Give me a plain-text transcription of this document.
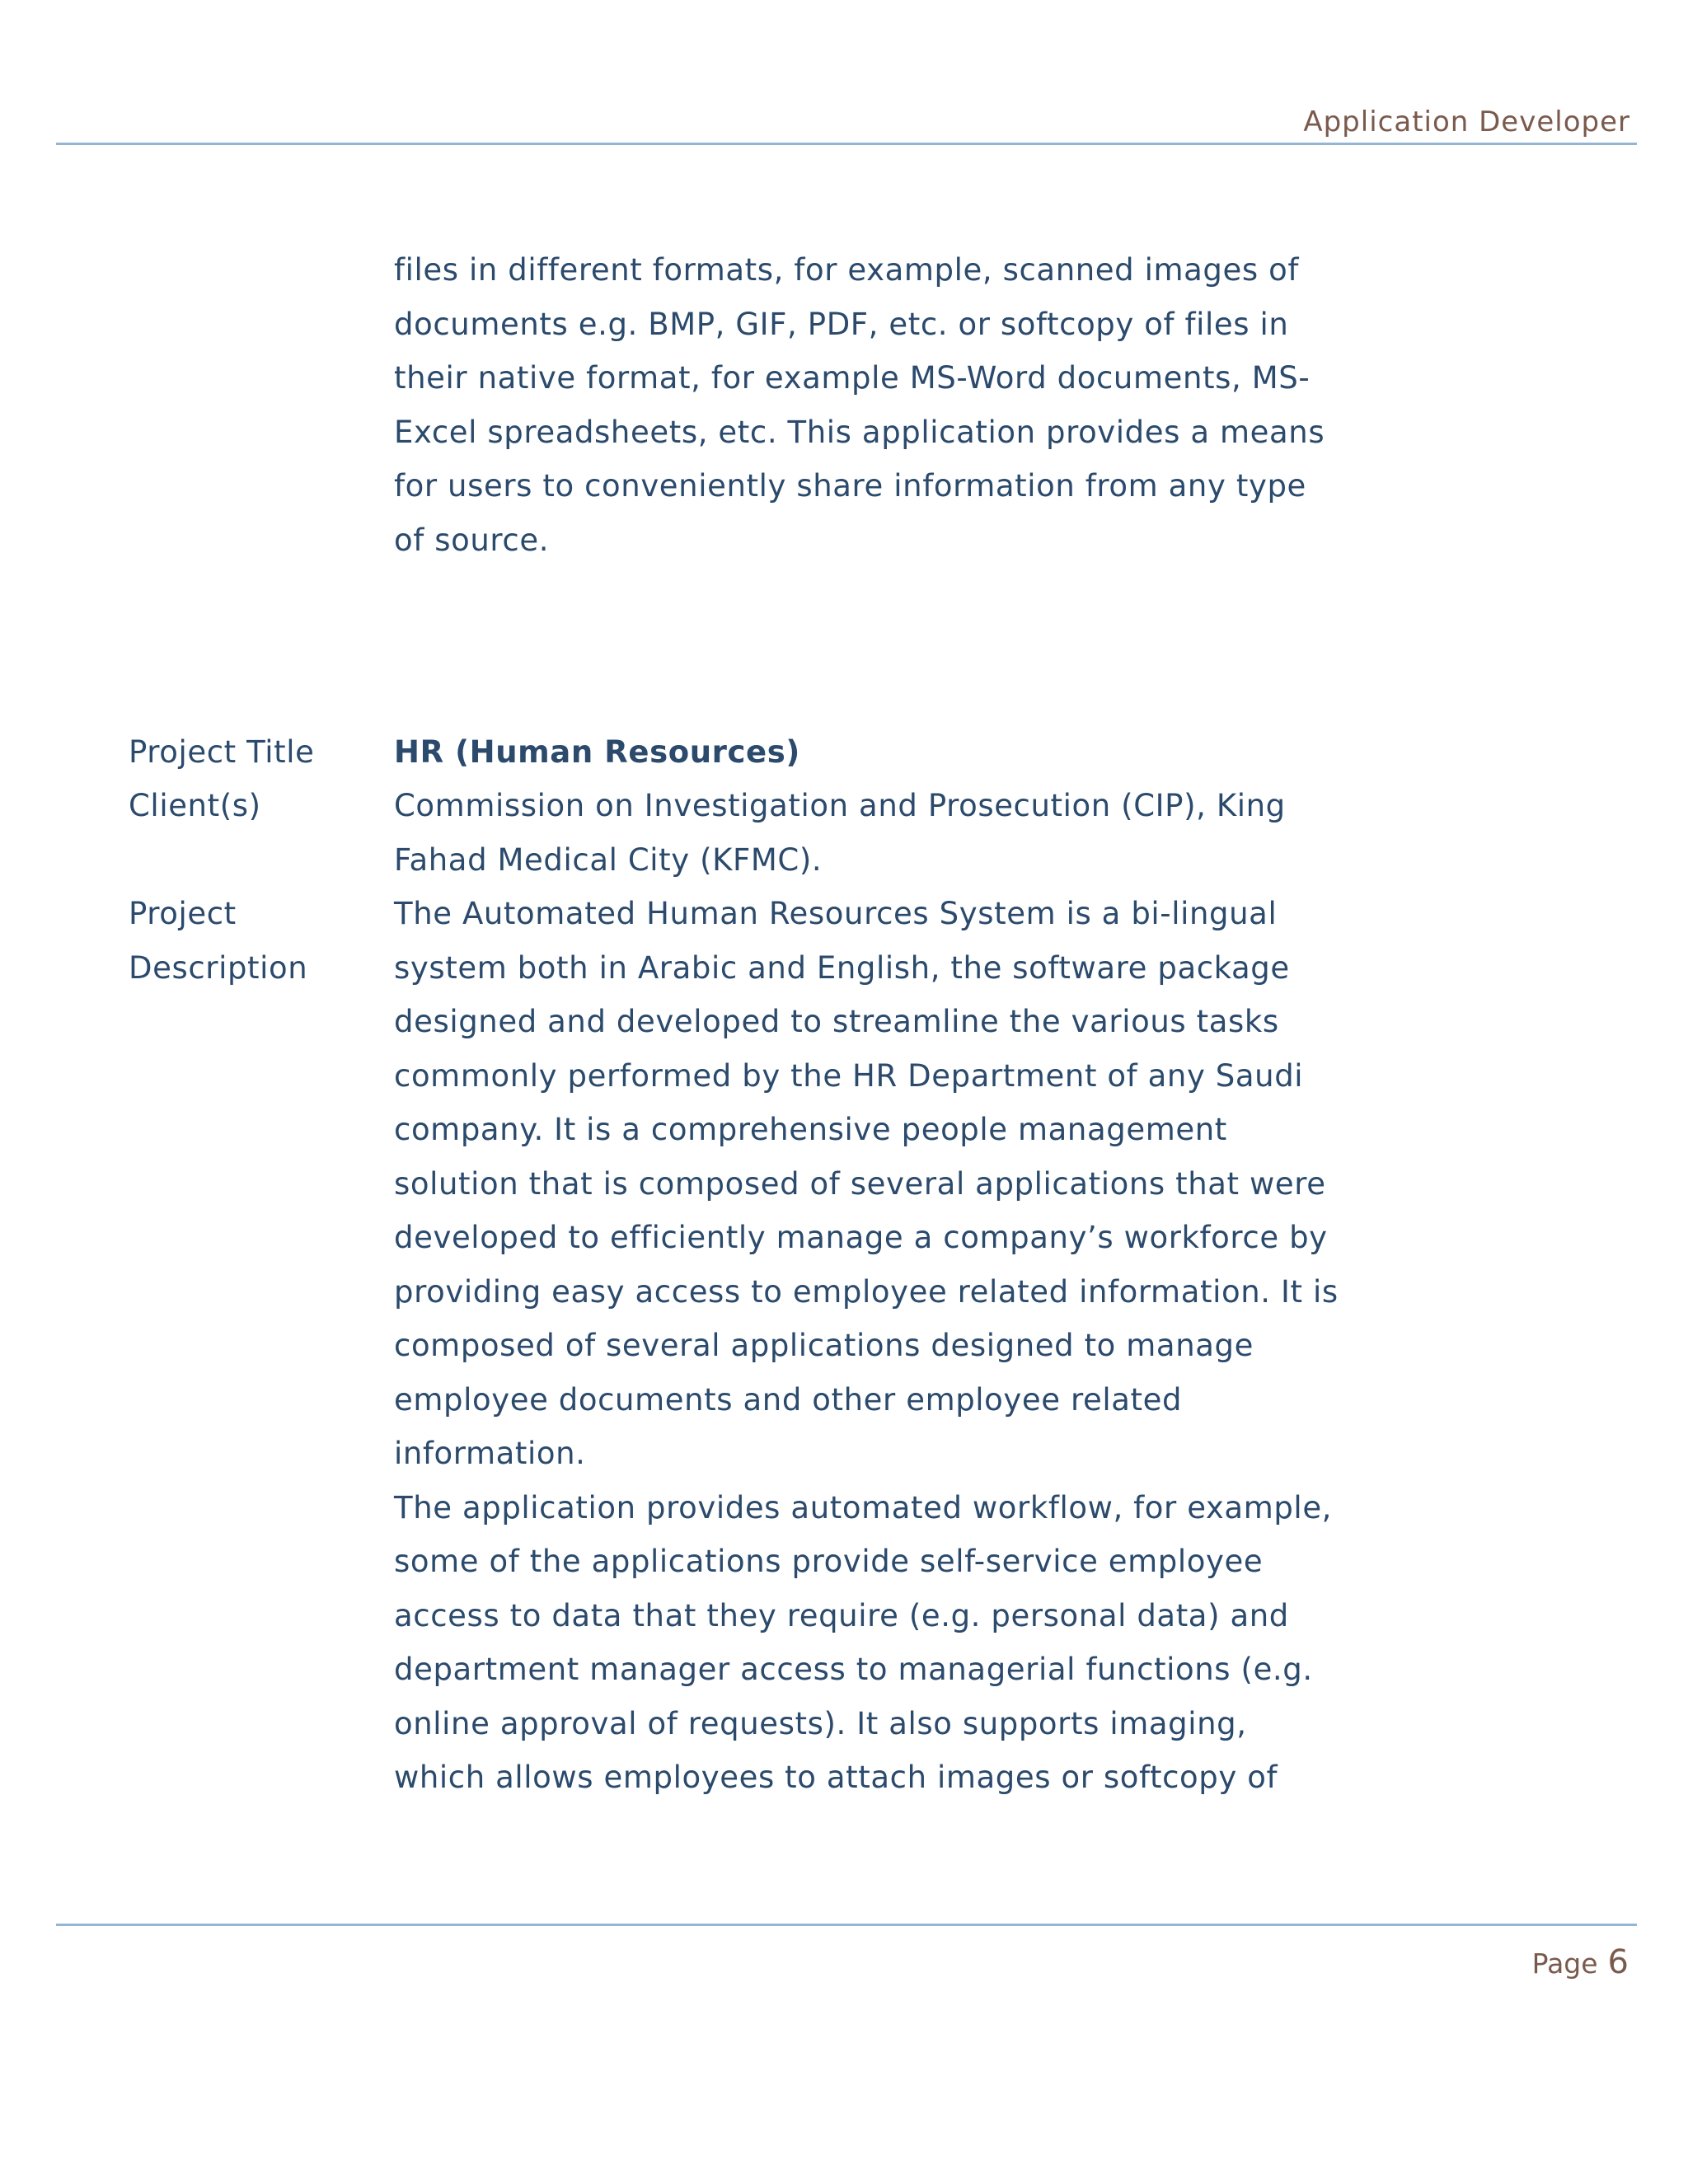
Application Developer
files in different formats, for example, scanned images of
documents e.g. BMP, GIF, PDF, etc. or softcopy of files in
their native format, for example MS-Word documents, MS-
Excel spreadsheets, etc. This application provides a means
for users to conveniently share information from any type
of source.
Project Title	HR (Human Resources)
Client(s)	Commission on Investigation and Prosecution (CIP), King
Fahad Medical City (KFMC).
Project
Description
The Automated Human Resources System is a bi-lingual
system both in Arabic and English, the software package
designed and developed to streamline the various tasks
commonly performed by the HR Department of any Saudi
company. It is a comprehensive people management
solution that is composed of several applications that were
developed to efficiently manage a company’s workforce by
providing easy access to employee related information. It is
composed of several applications designed to manage
employee documents and other employee related
information.
The application provides automated workflow, for example,
some of the applications provide self-service employee
access to data that they require (e.g. personal data) and
department manager access to managerial functions (e.g.
online approval of requests). It also supports imaging,
which allows employees to attach images or softcopy of
Page 6
